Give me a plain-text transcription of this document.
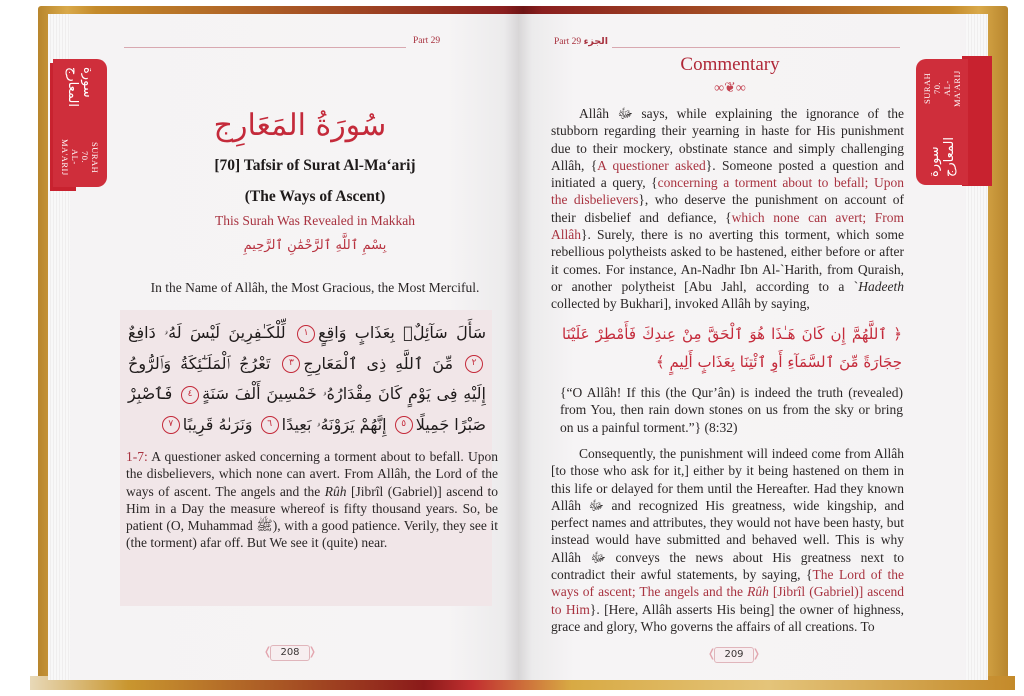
سورة المعارج
SURAH 70.
AL-MA'ARIJ	سورة المعارج
SURAH 70.
AL-MA'ARIJ
Part 29
سُورَةُ المَعَارِج
[70] Tafsir of Surat Al-Ma‘arij
(The Ways of Ascent)
This Surah Was Revealed in Makkah
بِسْمِ ٱللَّهِ ٱلرَّحْمَٰنِ ٱلرَّحِيمِ
In the Name of Allâh, the Most Gracious, the Most Merciful.
سَأَلَ سَآئِلٌۢ بِعَذَابٍ وَاقِعٍ١ لِّلْكَـٰفِرِينَ لَيْسَ لَهُۥ دَافِعٌ٢ مِّنَ ٱللَّهِ ذِى ٱلْمَعَارِجِ٣ تَعْرُجُ ٱلْمَلَـٰٓئِكَةُ وَٱلرُّوحُ إِلَيْهِ فِى يَوْمٍ كَانَ مِقْدَارُهُۥ خَمْسِينَ أَلْفَ سَنَةٍ٤ فَٱصْبِرْ صَبْرًا جَمِيلًا٥ إِنَّهُمْ يَرَوْنَهُۥ بَعِيدًا٦ وَنَرَىٰهُ قَرِيبًا٧
1-7: A questioner asked concerning a torment about to befall. Upon the disbelievers, which none can avert. From Allâh, the Lord of the ways of ascent. The angels and the Rûh [Jibrîl (Gabriel)] ascend to Him in a Day the measure whereof is fifty thousand years. So, be patient (O, Muhammad ﷺ), with a good patience. Verily, they see it (the torment) afar off. But We see it (quite) near.
❬ 208 ❭
Part 29 الجزء
Commentary
∞❦∞
Allâh ﷻ says, while explaining the ignorance of the stubborn regarding their yearning in haste for His punishment due to their mockery, obstinate stance and simply challenging Allâh, {A questioner asked}. Someone posted a question and initiated a query, {concerning a torment about to befall; Upon the disbelievers}, who deserve the punishment on account of their disbelief and defiance, {which none can avert; From Allâh}. Surely, there is no averting this torment, which some rebellious polytheists asked to be hastened, either before or after it comes. For instance, An-Nadhr Ibn Al-`Harith, from Quraish, or another polytheist [Abu Jahl, according to a `Hadeeth collected by Bukhari], invoked Allâh by saying,
﴿ ٱللَّهُمَّ إِن كَانَ هَـٰذَا هُوَ ٱلْحَقَّ مِنْ عِندِكَ فَأَمْطِرْ عَلَيْنَا حِجَارَةً مِّنَ ٱلسَّمَآءِ أَوِ ٱئْتِنَا بِعَذَابٍ أَلِيمٍ ﴾
{“O Allâh! If this (the Qur’ân) is indeed the truth (revealed) from You, then rain down stones on us from the sky or bring on us a painful torment.”} (8:32)
Consequently, the punishment will indeed come from Allâh [to those who ask for it,] either by it being hastened on them in this life or delayed for them until the Hereafter. Had they known Allâh ﷻ and recognized His greatness, wide kingship, and perfect names and attributes, they would not have been hasty, but instead would have submitted and behaved well. This is why Allâh ﷻ conveys the news about His greatness next to contradict their awful statements, by saying, {The Lord of the ways of ascent; The angels and the Rûh [Jibrîl (Gabriel)] ascend to Him}. [Here, Allâh asserts His being] the owner of highness, grace and glory, Who governs the affairs of all creations. To
❬ 209 ❭
